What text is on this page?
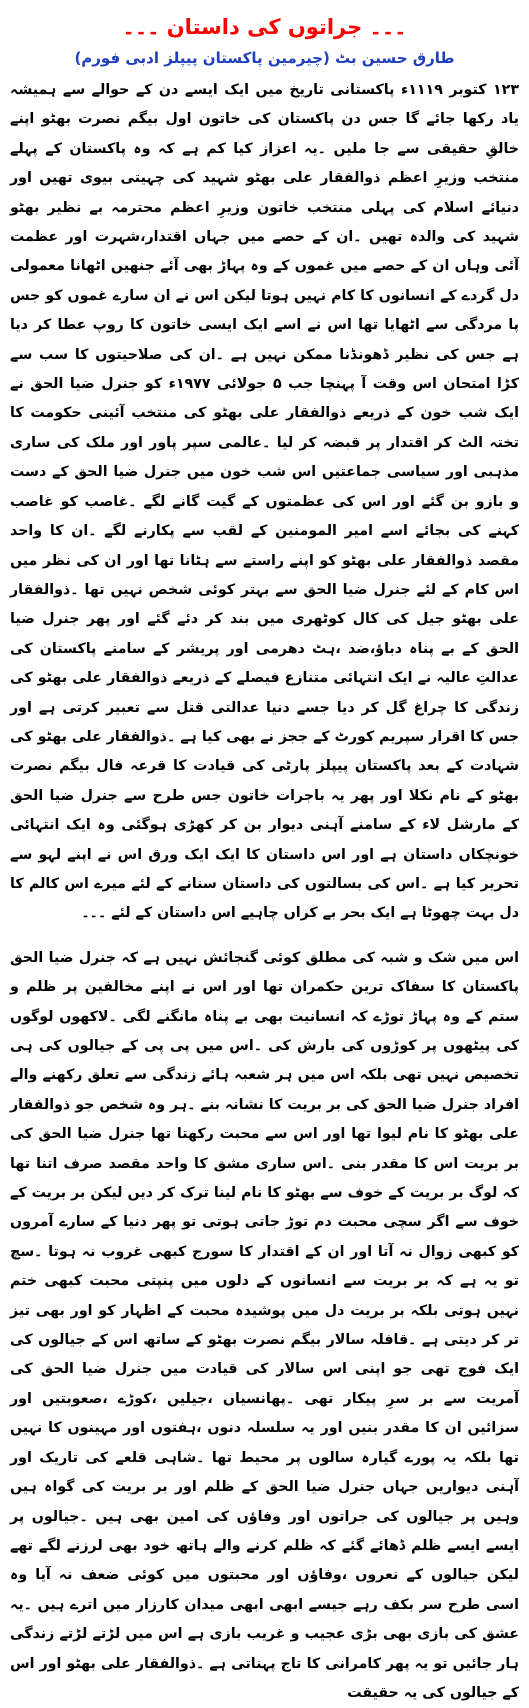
۔۔۔ جراتوں کی داستان ۔۔۔
طارق حسین بٹ (چیرمین پاکستان پیپلز ادبی فورم)

۱۲۳ کتوبر ۱۱۱۹ء پاکستانی تاریخ میں ایک ایسے دن کے حوالے سے ہمیشہ یاد رکھا جائے گا جس دن پاکستان کی خاتون اول بیگم نصرت بھٹو اپنے خالقِ حقیقی سے جا ملیں ۔یہ اعزاز کیا کم ہے کہ وہ پاکستان کے پہلے منتخب وزیرِ اعظم ذوالفقار علی بھٹو شہید کی چہیتی بیوی تھیں اور دنیائے اسلام کی پہلی منتخب خاتون وزیرِ اعظم محترمہ بے نظیر بھٹو شہید کی والدہ تھیں ۔ان کے حصے میں جہاں اقتدار،شہرت اور عظمت آئی وہاں ان کے حصے میں غموں کے وہ پہاڑ بھی آئے جنھیں اٹھانا معمولی دل گردے کے انسانوں کا کام نہیں ہوتا لیکن اس نے ان سارے غموں کو جس پا مردگی سے اٹھایا تھا اس نے اسے ایک ایسی خاتون کا روپ عطا کر دیا ہے جس کی نظیر ڈھونڈنا ممکن نہیں ہے ۔ان کی صلاحیتوں کا سب سے کڑا امتحان اس وقت آ پہنچا جب ۵ جولائی ۱۹۷۷ء کو جنرل ضیا الحق نے ایک شب خون کے ذریعے ذوالفقار علی بھٹو کی منتخب آئینی حکومت کا تختہ الٹ کر اقتدار پر قبضہ کر لیا ۔عالمی سپر پاور اور ملک کی ساری مذہبی اور سیاسی جماعتیں اس شب خون میں جنرل ضیا الحق کے دست و بازو بن گئے اور اس کی عظمتوں کے گیت گانے لگے ۔غاصب کو غاصب کہنے کی بجائے اسے امیر المومنین کے لقب سے پکارنے لگے ۔ان کا واحد مقصد ذوالفقار علی بھٹو کو اپنے راستے سے ہٹانا تھا اور ان کی نظر میں اس کام کے لئے جنرل ضیا الحق سے بہتر کوئی شخص نہیں تھا ۔ذوالفقار علی بھٹو جیل کی کال کوٹھری میں بند کر دئے گئے اور پھر جنرل ضیا الحق کے بے پناہ دباؤ،ضد ،ہٹ دھرمی اور پریشر کے سامنے پاکستان کی عدالتِ عالیہ نے ایک انتہائی متنازع فیصلے کے ذریعے ذوالفقار علی بھٹو کی زندگی کا چراغ گل کر دیا جسے دنیا عدالتی قتل سے تعبیر کرتی ہے اور جس کا اقرار سپریم کورٹ کے ججز نے بھی کیا ہے ۔ذوالفقار علی بھٹو کی شہادت کے بعد پاکستان پیپلز پارٹی کی قیادت کا قرعہ فال بیگم نصرت بھٹو کے نام نکلا اور پھر یہ باجرات خاتون جس طرح سے جنرل ضیا الحق کے مارشل لاء کے سامنے آہنی دیوار بن کر کھڑی ہوگئی وہ ایک انتہائی خونچکاں داستان ہے اور اس داستان کا ایک ایک ورق اس نے اپنے لہو سے تحریر کیا ہے ۔اس کی بسالتوں کی داستان سنانے کے لئے میرے اس کالم کا دل بہت چھوٹا ہے ایک بحر بے کراں چاہیے اس داستان کے لئے ۔۔۔

اس میں شک و شبہ کی مطلق کوئی گنجائش نہیں ہے کہ جنرل ضیا الحق پاکستان کا سفاک ترین حکمران تھا اور اس نے اپنے مخالفین پر ظلم و ستم کے وہ پہاڑ توڑے کہ انسانیت بھی بے پناہ مانگنے لگی ۔لاکھوں لوگوں کی پیٹھوں پر کوڑوں کی بارش کی ۔اس میں پی پی کے جیالوں کی ہی تخصیص نہیں تھی بلکہ اس میں ہر شعبہ ہائے زندگی سے تعلق رکھنے والے افراد جنرل ضیا الحق کی بر بریت کا نشانہ بنے ۔ہر وہ شخص جو ذوالفقار علی بھٹو کا نام لیوا تھا اور اس سے محبت رکھتا تھا جنرل ضیا الحق کی بر بریت اس کا مقدر بنی ۔اس ساری مشق کا واحد مقصد صرف اتنا تھا کہ لوگ بر بریت کے خوف سے بھٹو کا نام لینا ترک کر دیں لیکن بر بریت کے خوف سے اگر سچی محبت دم توڑ جاتی ہوتی تو پھر دنیا کے سارے آمروں کو کبھی زوال نہ آتا اور ان کے اقتدار کا سورج کبھی غروب نہ ہوتا ۔سچ تو یہ ہے کہ بر بریت سے انسانوں کے دلوں میں پنپتی محبت کبھی ختم نہیں ہوتی بلکہ بر بریت دل میں پوشیدہ محبت کے اظہار کو اور بھی تیز تر کر دیتی ہے ۔قافلہ سالار بیگم نصرت بھٹو کے ساتھ اس کے جیالوں کی ایک فوج تھی جو اپنی اس سالار کی قیادت میں جنرل ضیا الحق کی آمریت سے بر سرِ پیکار تھی ۔پھانسیاں ،جیلیں ،کوڑے ،صعوبتیں اور سزائیں ان کا مقدر بنیں اور یہ سلسلہ دنوں ،ہفتوں اور مہینوں کا نہیں تھا بلکہ یہ پورے گیارہ سالوں پر محیط تھا ۔شاہی قلعے کی تاریک اور آہنی دیواریں جہاں جنرل ضیا الحق کے ظلم اور بر بریت کی گواہ ہیں وہیں پر جیالوں کی جراتوں اور وفاؤں کی امین بھی ہیں ۔جیالوں پر ایسے ایسے ظلم ڈھائے گئے کہ ظلم کرنے والے ہاتھ خود بھی لرزنے لگے تھے لیکن جیالوں کے نعروں ،وفاؤں اور محبتوں میں کوئی ضعف نہ آیا وہ اسی طرح سر بکف رہے جیسے ابھی ابھی میدان کارزار میں اترے ہیں ۔یہ عشق کی بازی بھی بڑی عجیب و غریب بازی ہے اس میں لڑتے لڑتے زندگی ہار جائیں تو یہ پھر کامرانی کا تاج پہناتی ہے ۔ذوالفقار علی بھٹو اور اس کے جیالوں کی یہ حقیقت
